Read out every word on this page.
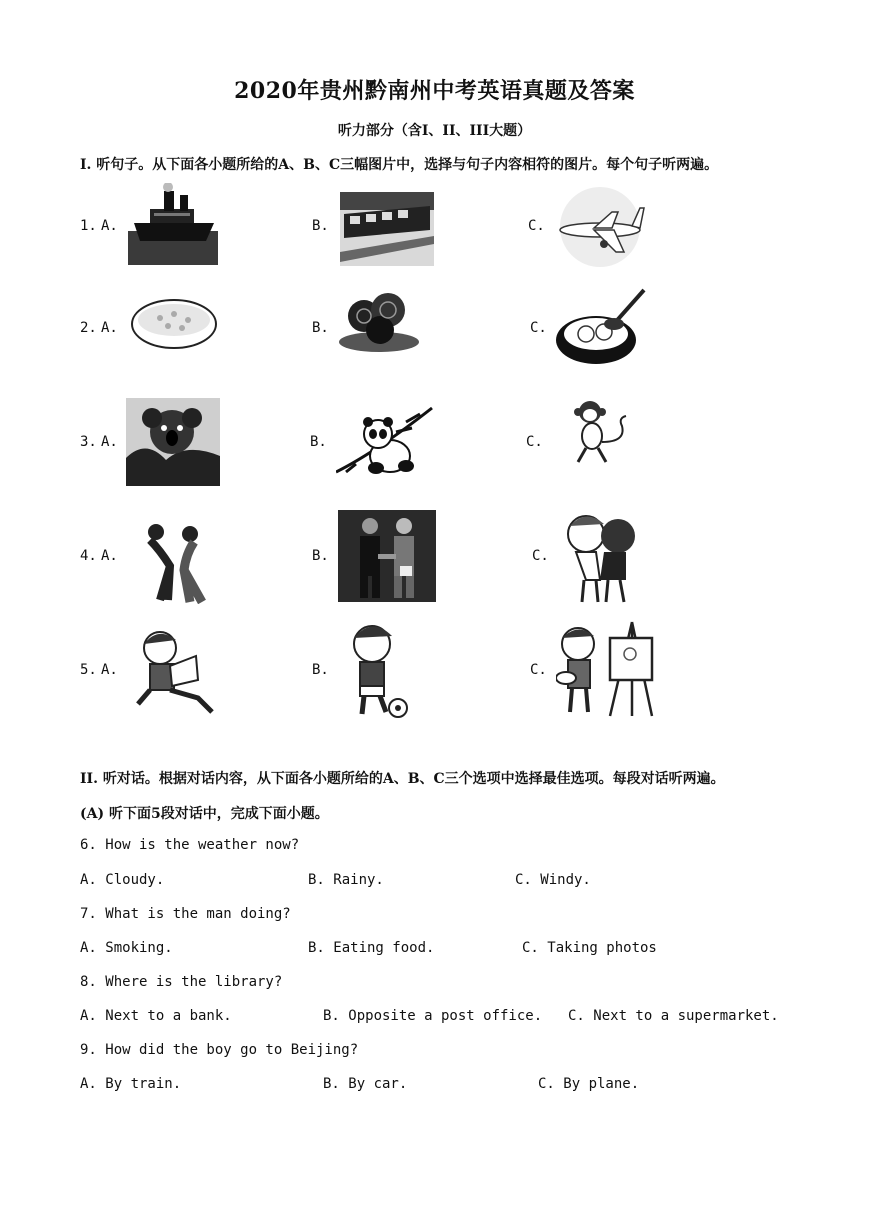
2020年贵州黔南州中考英语真题及答案
听力部分（含I、II、III大题）
I. 听句子。从下面各小题所给的A、B、C三幅图片中，选择与句子内容相符的图片。每个句子听两遍。
1. A.	B.	C.
2. A.	B.	C.
3. A.	B.	C.
4. A.	B.	C.
5. A.	B.	C.
II. 听对话。根据对话内容，从下面各小题所给的A、B、C三个选项中选择最佳选项。每段对话听两遍。
(A) 听下面5段对话中，完成下面小题。
6. How is the weather now?
A. Cloudy.	B. Rainy.	C. Windy.
7. What is the man doing?
A. Smoking.	B. Eating food.	C. Taking photos
8. Where is the library?
A. Next to a bank.	B. Opposite a post office. C. Next to a supermarket.
9. How did the boy go to Beijing?
A. By train.	B. By car.	C. By plane.
